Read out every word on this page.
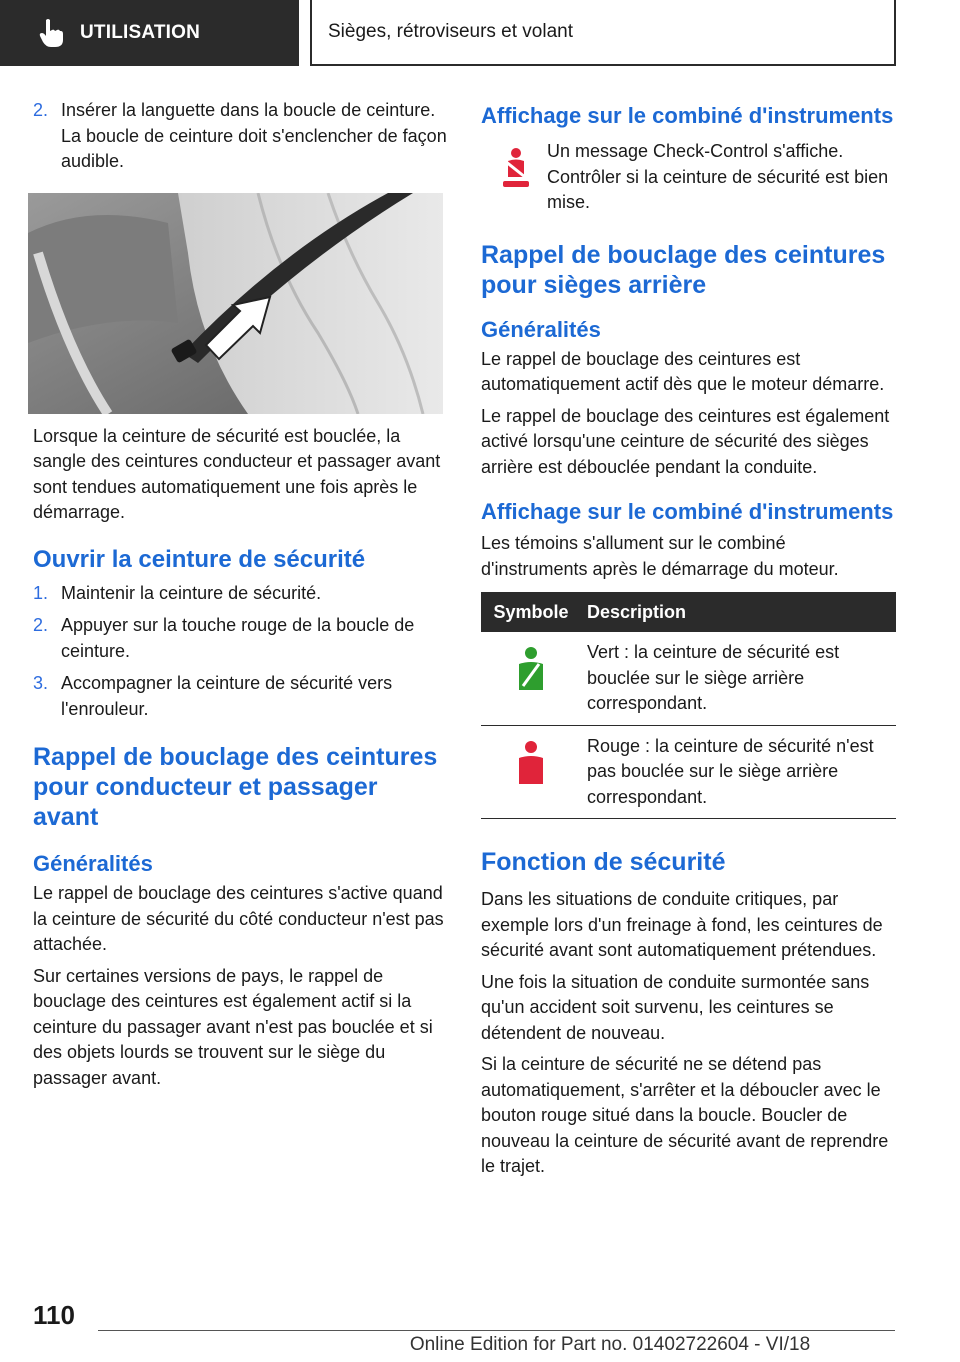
UTILISATION	Sièges, rétroviseurs et volant
2. Insérer la languette dans la boucle de ceinture. La boucle de ceinture doit s'enclencher de façon audible.

Lorsque la ceinture de sécurité est bouclée, la sangle des ceintures conducteur et passager avant sont tendues automatiquement une fois après le démarrage.

Ouvrir la ceinture de sécurité
1. Maintenir la ceinture de sécurité.
2. Appuyer sur la touche rouge de la boucle de ceinture.
3. Accompagner la ceinture de sécurité vers l'enrouleur.
Rappel de bouclage des ceintures pour conducteur et passager avant
Généralités

Le rappel de bouclage des ceintures s'active quand la ceinture de sécurité du côté conducteur n'est pas attachée.

Sur certaines versions de pays, le rappel de bouclage des ceintures est également actif si la ceinture du passager avant n'est pas bouclée et si des objets lourds se trouvent sur le siège du passager avant.

Affichage sur le combiné d'instruments
Un message Check-Control s'affiche. Contrôler si la ceinture de sécurité est bien mise.
Rappel de bouclage des ceintures pour sièges arrière
Généralités

Le rappel de bouclage des ceintures est automatiquement actif dès que le moteur démarre.

Le rappel de bouclage des ceintures est également activé lorsqu'une ceinture de sécurité des sièges arrière est débouclée pendant la conduite.

Affichage sur le combiné d'instruments

Les témoins s'allument sur le combiné d'instruments après le démarrage du moteur.

Symbole	Description
	Vert : la ceinture de sécurité est bouclée sur le siège arrière correspondant.
	Rouge : la ceinture de sécurité n'est pas bouclée sur le siège arrière correspondant.
Fonction de sécurité

Dans les situations de conduite critiques, par exemple lors d'un freinage à fond, les ceintures de sécurité avant sont automatiquement prétendues.

Une fois la situation de conduite surmontée sans qu'un accident soit survenu, les ceintures se détendent de nouveau.

Si la ceinture de sécurité ne se détend pas automatiquement, s'arrêter et la déboucler avec le bouton rouge situé dans la boucle. Boucler de nouveau la ceinture de sécurité avant de reprendre le trajet.

110
Online Edition for Part no. 01402722604 - VI/18
